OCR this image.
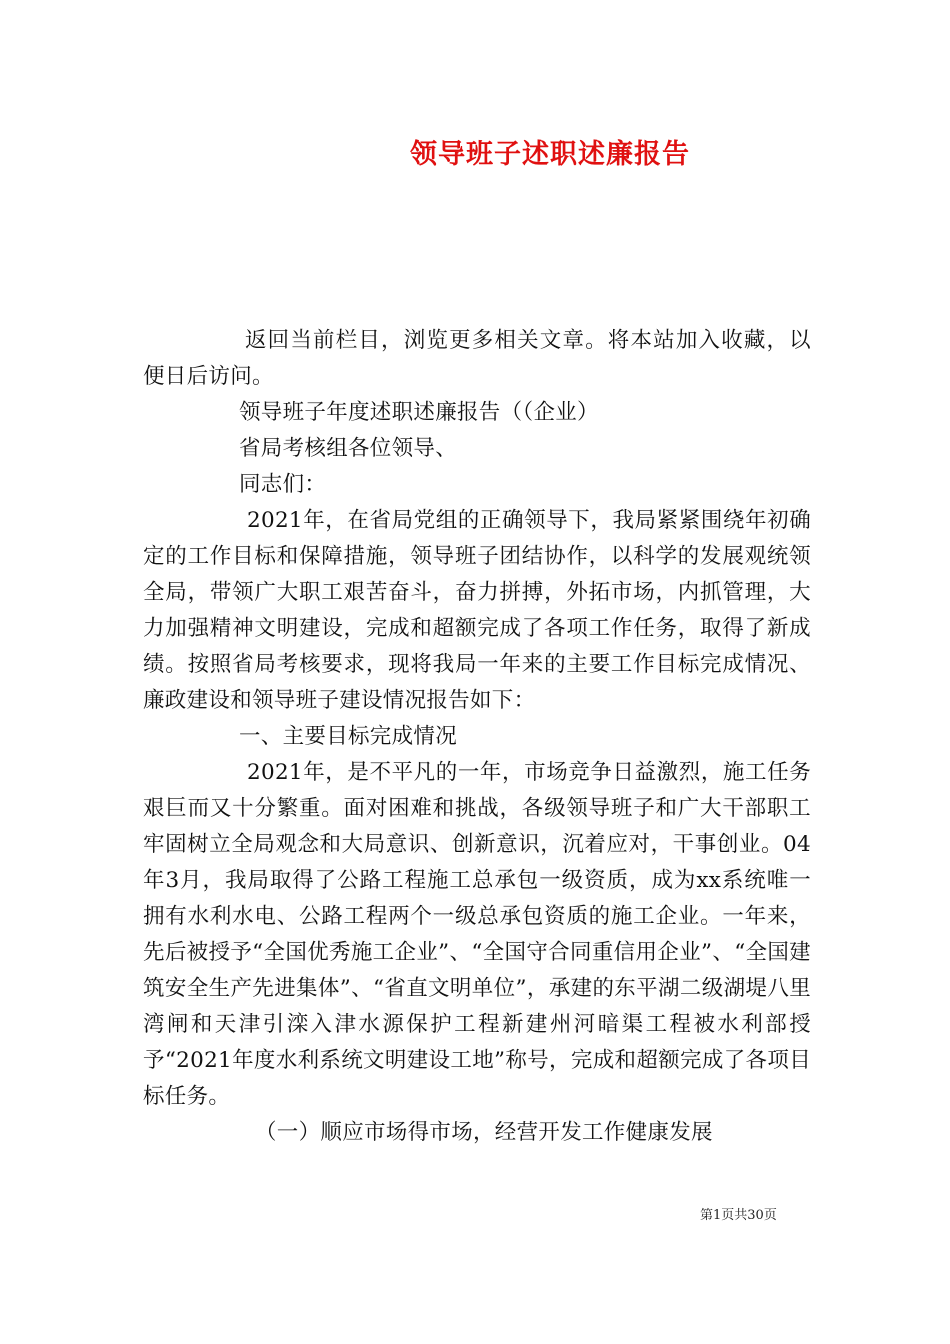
领导班子述职述廉报告

返回当前栏目，浏览更多相关文章。将本站加入收藏，以便日后访问。

领导班子年度述职述廉报告（（企业）

省局考核组各位领导、

同志们：

2021年，在省局党组的正确领导下，我局紧紧围绕年初确定的工作目标和保障措施，领导班子团结协作，以科学的发展观统领全局，带领广大职工艰苦奋斗，奋力拼搏，外拓市场，内抓管理，大力加强精神文明建设，完成和超额完成了各项工作任务，取得了新成绩。按照省局考核要求，现将我局一年来的主要工作目标完成情况、廉政建设和领导班子建设情况报告如下：

一、主要目标完成情况

2021年，是不平凡的一年，市场竞争日益激烈，施工任务艰巨而又十分繁重。面对困难和挑战，各级领导班子和广大干部职工牢固树立全局观念和大局意识、创新意识，沉着应对，干事创业。04年3月，我局取得了公路工程施工总承包一级资质，成为xx系统唯一拥有水利水电、公路工程两个一级总承包资质的施工企业。一年来，先后被授予“全国优秀施工企业”、“全国守合同重信用企业”、“全国建筑安全生产先进集体”、“省直文明单位”，承建的东平湖二级湖堤八里湾闸和天津引滦入津水源保护工程新建州河暗渠工程被水利部授予“2021年度水利系统文明建设工地”称号，完成和超额完成了各项目标任务。

（一）顺应市场得市场，经营开发工作健康发展

第1页共30页
